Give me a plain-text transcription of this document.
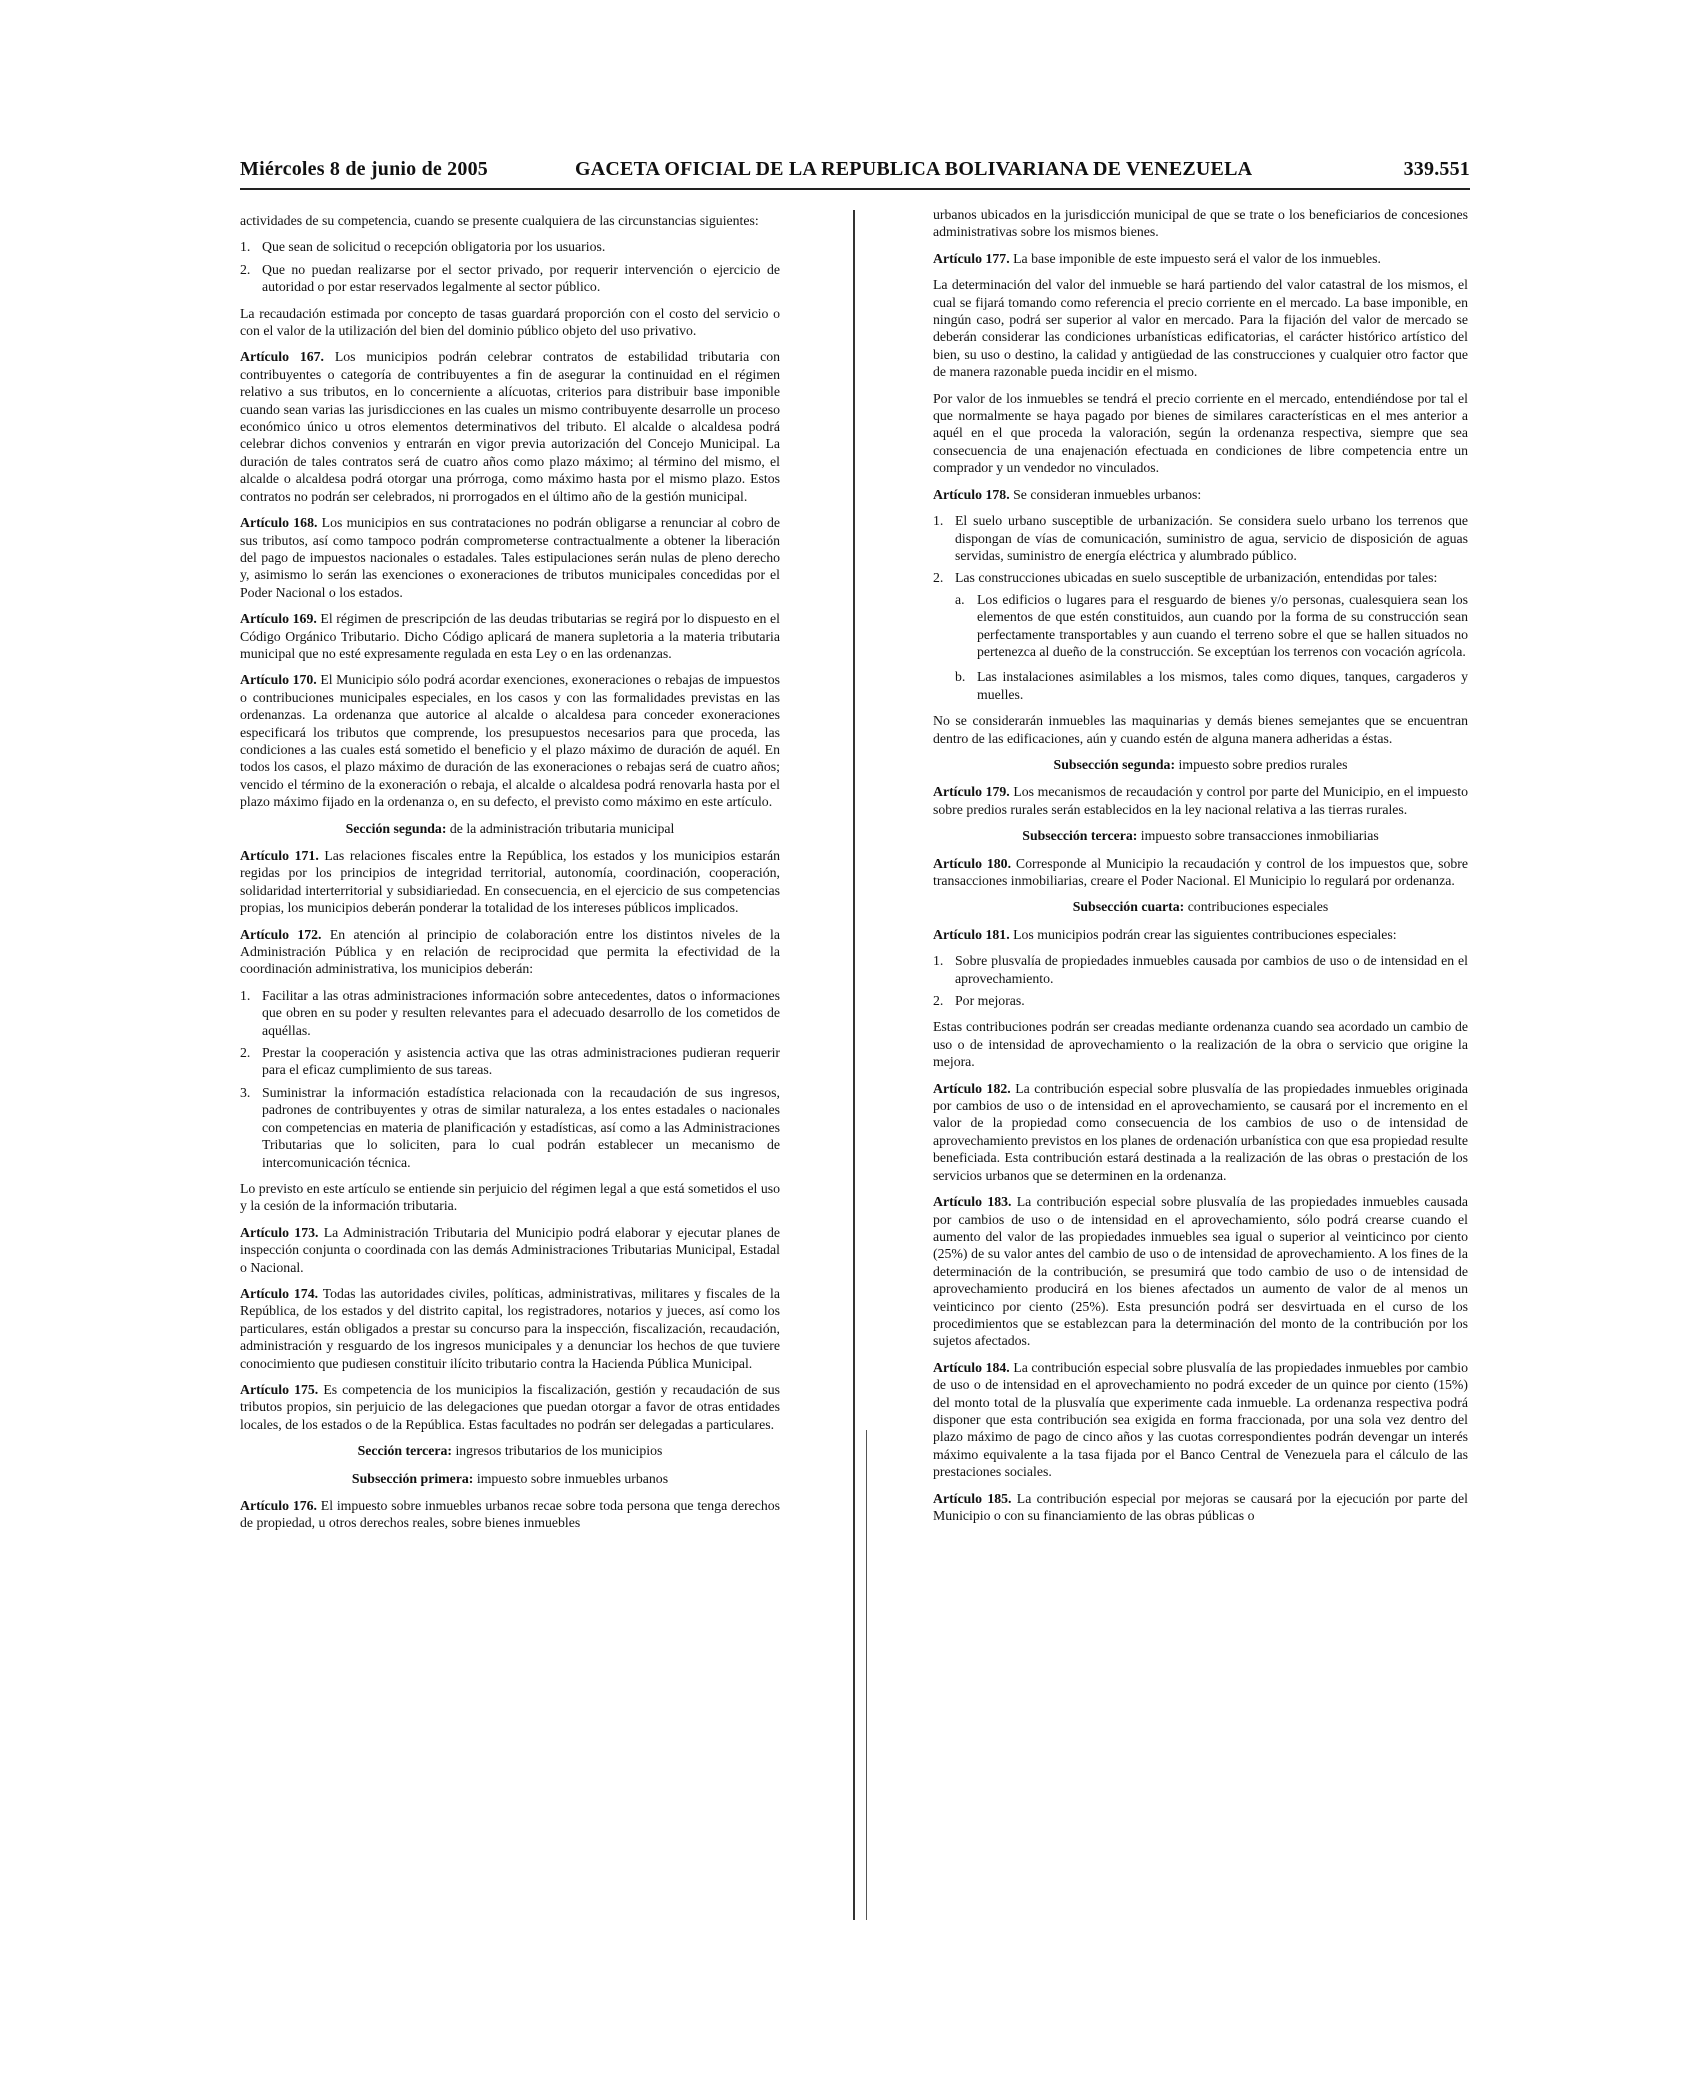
Miércoles 8 de junio de 2005	GACETA OFICIAL DE LA REPUBLICA BOLIVARIANA DE VENEZUELA	339.551

actividades de su competencia, cuando se presente cualquiera de las circunstancias siguientes:

1. Que sean de solicitud o recepción obligatoria por los usuarios.
2. Que no puedan realizarse por el sector privado, por requerir intervención o ejercicio de autoridad o por estar reservados legalmente al sector público.

La recaudación estimada por concepto de tasas guardará proporción con el costo del servicio o con el valor de la utilización del bien del dominio público objeto del uso privativo.

Artículo 167. Los municipios podrán celebrar contratos de estabilidad tributaria con contribuyentes o categoría de contribuyentes a fin de asegurar la continuidad en el régimen relativo a sus tributos, en lo concerniente a alícuotas, criterios para distribuir base imponible cuando sean varias las jurisdicciones en las cuales un mismo contribuyente desarrolle un proceso económico único u otros elementos determinativos del tributo. El alcalde o alcaldesa podrá celebrar dichos convenios y entrarán en vigor previa autorización del Concejo Municipal. La duración de tales contratos será de cuatro años como plazo máximo; al término del mismo, el alcalde o alcaldesa podrá otorgar una prórroga, como máximo hasta por el mismo plazo. Estos contratos no podrán ser celebrados, ni prorrogados en el último año de la gestión municipal.

Artículo 168. Los municipios en sus contrataciones no podrán obligarse a renunciar al cobro de sus tributos, así como tampoco podrán comprometerse contractualmente a obtener la liberación del pago de impuestos nacionales o estadales. Tales estipulaciones serán nulas de pleno derecho y, asimismo lo serán las exenciones o exoneraciones de tributos municipales concedidas por el Poder Nacional o los estados.

Artículo 169. El régimen de prescripción de las deudas tributarias se regirá por lo dispuesto en el Código Orgánico Tributario. Dicho Código aplicará de manera supletoria a la materia tributaria municipal que no esté expresamente regulada en esta Ley o en las ordenanzas.

Artículo 170. El Municipio sólo podrá acordar exenciones, exoneraciones o rebajas de impuestos o contribuciones municipales especiales, en los casos y con las formalidades previstas en las ordenanzas. La ordenanza que autorice al alcalde o alcaldesa para conceder exoneraciones especificará los tributos que comprende, los presupuestos necesarios para que proceda, las condiciones a las cuales está sometido el beneficio y el plazo máximo de duración de aquél. En todos los casos, el plazo máximo de duración de las exoneraciones o rebajas será de cuatro años; vencido el término de la exoneración o rebaja, el alcalde o alcaldesa podrá renovarla hasta por el plazo máximo fijado en la ordenanza o, en su defecto, el previsto como máximo en este artículo.

Sección segunda: de la administración tributaria municipal

Artículo 171. Las relaciones fiscales entre la República, los estados y los municipios estarán regidas por los principios de integridad territorial, autonomía, coordinación, cooperación, solidaridad interterritorial y subsidiariedad. En consecuencia, en el ejercicio de sus competencias propias, los municipios deberán ponderar la totalidad de los intereses públicos implicados.

Artículo 172. En atención al principio de colaboración entre los distintos niveles de la Administración Pública y en relación de reciprocidad que permita la efectividad de la coordinación administrativa, los municipios deberán:

1. Facilitar a las otras administraciones información sobre antecedentes, datos o informaciones que obren en su poder y resulten relevantes para el adecuado desarrollo de los cometidos de aquéllas.
2. Prestar la cooperación y asistencia activa que las otras administraciones pudieran requerir para el eficaz cumplimiento de sus tareas.
3. Suministrar la información estadística relacionada con la recaudación de sus ingresos, padrones de contribuyentes y otras de similar naturaleza, a los entes estadales o nacionales con competencias en materia de planificación y estadísticas, así como a las Administraciones Tributarias que lo soliciten, para lo cual podrán establecer un mecanismo de intercomunicación técnica.

Lo previsto en este artículo se entiende sin perjuicio del régimen legal a que está sometidos el uso y la cesión de la información tributaria.

Artículo 173. La Administración Tributaria del Municipio podrá elaborar y ejecutar planes de inspección conjunta o coordinada con las demás Administraciones Tributarias Municipal, Estadal o Nacional.

Artículo 174. Todas las autoridades civiles, políticas, administrativas, militares y fiscales de la República, de los estados y del distrito capital, los registradores, notarios y jueces, así como los particulares, están obligados a prestar su concurso para la inspección, fiscalización, recaudación, administración y resguardo de los ingresos municipales y a denunciar los hechos de que tuviere conocimiento que pudiesen constituir ilícito tributario contra la Hacienda Pública Municipal.

Artículo 175. Es competencia de los municipios la fiscalización, gestión y recaudación de sus tributos propios, sin perjuicio de las delegaciones que puedan otorgar a favor de otras entidades locales, de los estados o de la República. Estas facultades no podrán ser delegadas a particulares.

Sección tercera: ingresos tributarios de los municipios
Subsección primera: impuesto sobre inmuebles urbanos

Artículo 176. El impuesto sobre inmuebles urbanos recae sobre toda persona que tenga derechos de propiedad, u otros derechos reales, sobre bienes inmuebles

urbanos ubicados en la jurisdicción municipal de que se trate o los beneficiarios de concesiones administrativas sobre los mismos bienes.

Artículo 177. La base imponible de este impuesto será el valor de los inmuebles.

La determinación del valor del inmueble se hará partiendo del valor catastral de los mismos, el cual se fijará tomando como referencia el precio corriente en el mercado. La base imponible, en ningún caso, podrá ser superior al valor en mercado. Para la fijación del valor de mercado se deberán considerar las condiciones urbanísticas edificatorias, el carácter histórico artístico del bien, su uso o destino, la calidad y antigüedad de las construcciones y cualquier otro factor que de manera razonable pueda incidir en el mismo.

Por valor de los inmuebles se tendrá el precio corriente en el mercado, entendiéndose por tal el que normalmente se haya pagado por bienes de similares características en el mes anterior a aquél en el que proceda la valoración, según la ordenanza respectiva, siempre que sea consecuencia de una enajenación efectuada en condiciones de libre competencia entre un comprador y un vendedor no vinculados.

Artículo 178. Se consideran inmuebles urbanos:

1. El suelo urbano susceptible de urbanización. Se considera suelo urbano los terrenos que dispongan de vías de comunicación, suministro de agua, servicio de disposición de aguas servidas, suministro de energía eléctrica y alumbrado público.
2. Las construcciones ubicadas en suelo susceptible de urbanización, entendidas por tales:
a. Los edificios o lugares para el resguardo de bienes y/o personas, cualesquiera sean los elementos de que estén constituidos, aun cuando por la forma de su construcción sean perfectamente transportables y aun cuando el terreno sobre el que se hallen situados no pertenezca al dueño de la construcción. Se exceptúan los terrenos con vocación agrícola.
b. Las instalaciones asimilables a los mismos, tales como diques, tanques, cargaderos y muelles.

No se considerarán inmuebles las maquinarias y demás bienes semejantes que se encuentran dentro de las edificaciones, aún y cuando estén de alguna manera adheridas a éstas.

Subsección segunda: impuesto sobre predios rurales

Artículo 179. Los mecanismos de recaudación y control por parte del Municipio, en el impuesto sobre predios rurales serán establecidos en la ley nacional relativa a las tierras rurales.

Subsección tercera: impuesto sobre transacciones inmobiliarias

Artículo 180. Corresponde al Municipio la recaudación y control de los impuestos que, sobre transacciones inmobiliarias, creare el Poder Nacional. El Municipio lo regulará por ordenanza.

Subsección cuarta: contribuciones especiales

Artículo 181. Los municipios podrán crear las siguientes contribuciones especiales:

1. Sobre plusvalía de propiedades inmuebles causada por cambios de uso o de intensidad en el aprovechamiento.
2. Por mejoras.

Estas contribuciones podrán ser creadas mediante ordenanza cuando sea acordado un cambio de uso o de intensidad de aprovechamiento o la realización de la obra o servicio que origine la mejora.

Artículo 182. La contribución especial sobre plusvalía de las propiedades inmuebles originada por cambios de uso o de intensidad en el aprovechamiento, se causará por el incremento en el valor de la propiedad como consecuencia de los cambios de uso o de intensidad de aprovechamiento previstos en los planes de ordenación urbanística con que esa propiedad resulte beneficiada. Esta contribución estará destinada a la realización de las obras o prestación de los servicios urbanos que se determinen en la ordenanza.

Artículo 183. La contribución especial sobre plusvalía de las propiedades inmuebles causada por cambios de uso o de intensidad en el aprovechamiento, sólo podrá crearse cuando el aumento del valor de las propiedades inmuebles sea igual o superior al veinticinco por ciento (25%) de su valor antes del cambio de uso o de intensidad de aprovechamiento. A los fines de la determinación de la contribución, se presumirá que todo cambio de uso o de intensidad de aprovechamiento producirá en los bienes afectados un aumento de valor de al menos un veinticinco por ciento (25%). Esta presunción podrá ser desvirtuada en el curso de los procedimientos que se establezcan para la determinación del monto de la contribución por los sujetos afectados.

Artículo 184. La contribución especial sobre plusvalía de las propiedades inmuebles por cambio de uso o de intensidad en el aprovechamiento no podrá exceder de un quince por ciento (15%) del monto total de la plusvalía que experimente cada inmueble. La ordenanza respectiva podrá disponer que esta contribución sea exigida en forma fraccionada, por una sola vez dentro del plazo máximo de pago de cinco años y las cuotas correspondientes podrán devengar un interés máximo equivalente a la tasa fijada por el Banco Central de Venezuela para el cálculo de las prestaciones sociales.

Artículo 185. La contribución especial por mejoras se causará por la ejecución por parte del Municipio o con su financiamiento de las obras públicas o
